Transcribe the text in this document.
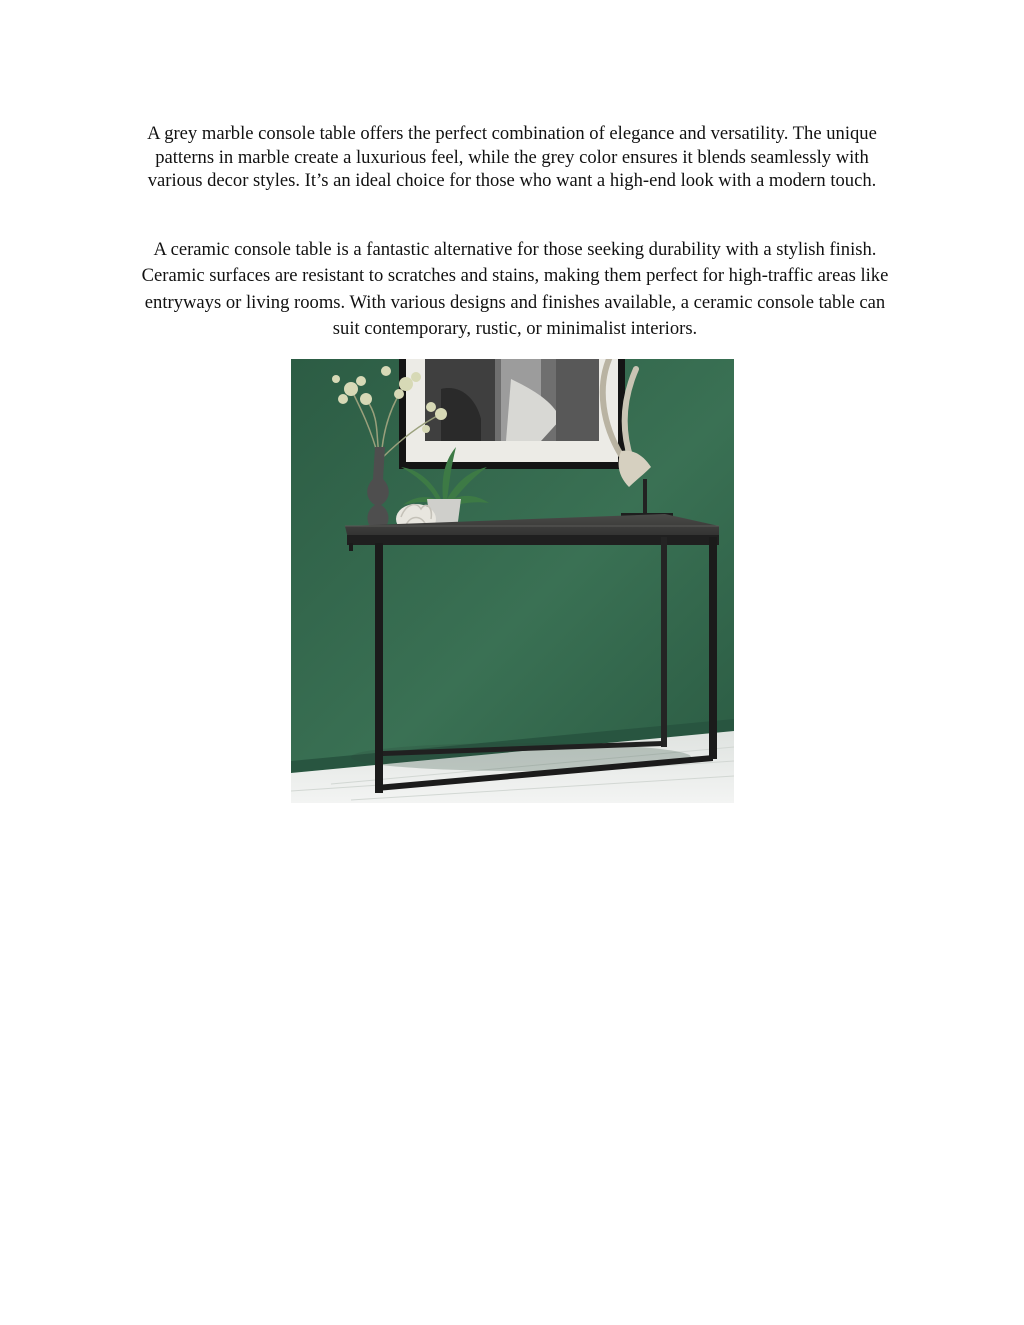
A grey marble console table offers the perfect combination of elegance and versatility. The unique patterns in marble create a luxurious feel, while the grey color ensures it blends seamlessly with various decor styles. It’s an ideal choice for those who want a high-end look with a modern touch.

A ceramic console table is a fantastic alternative for those seeking durability with a stylish finish. Ceramic surfaces are resistant to scratches and stains, making them perfect for high-traffic areas like entryways or living rooms. With various designs and finishes available, a ceramic console table can suit contemporary, rustic, or minimalist interiors.
